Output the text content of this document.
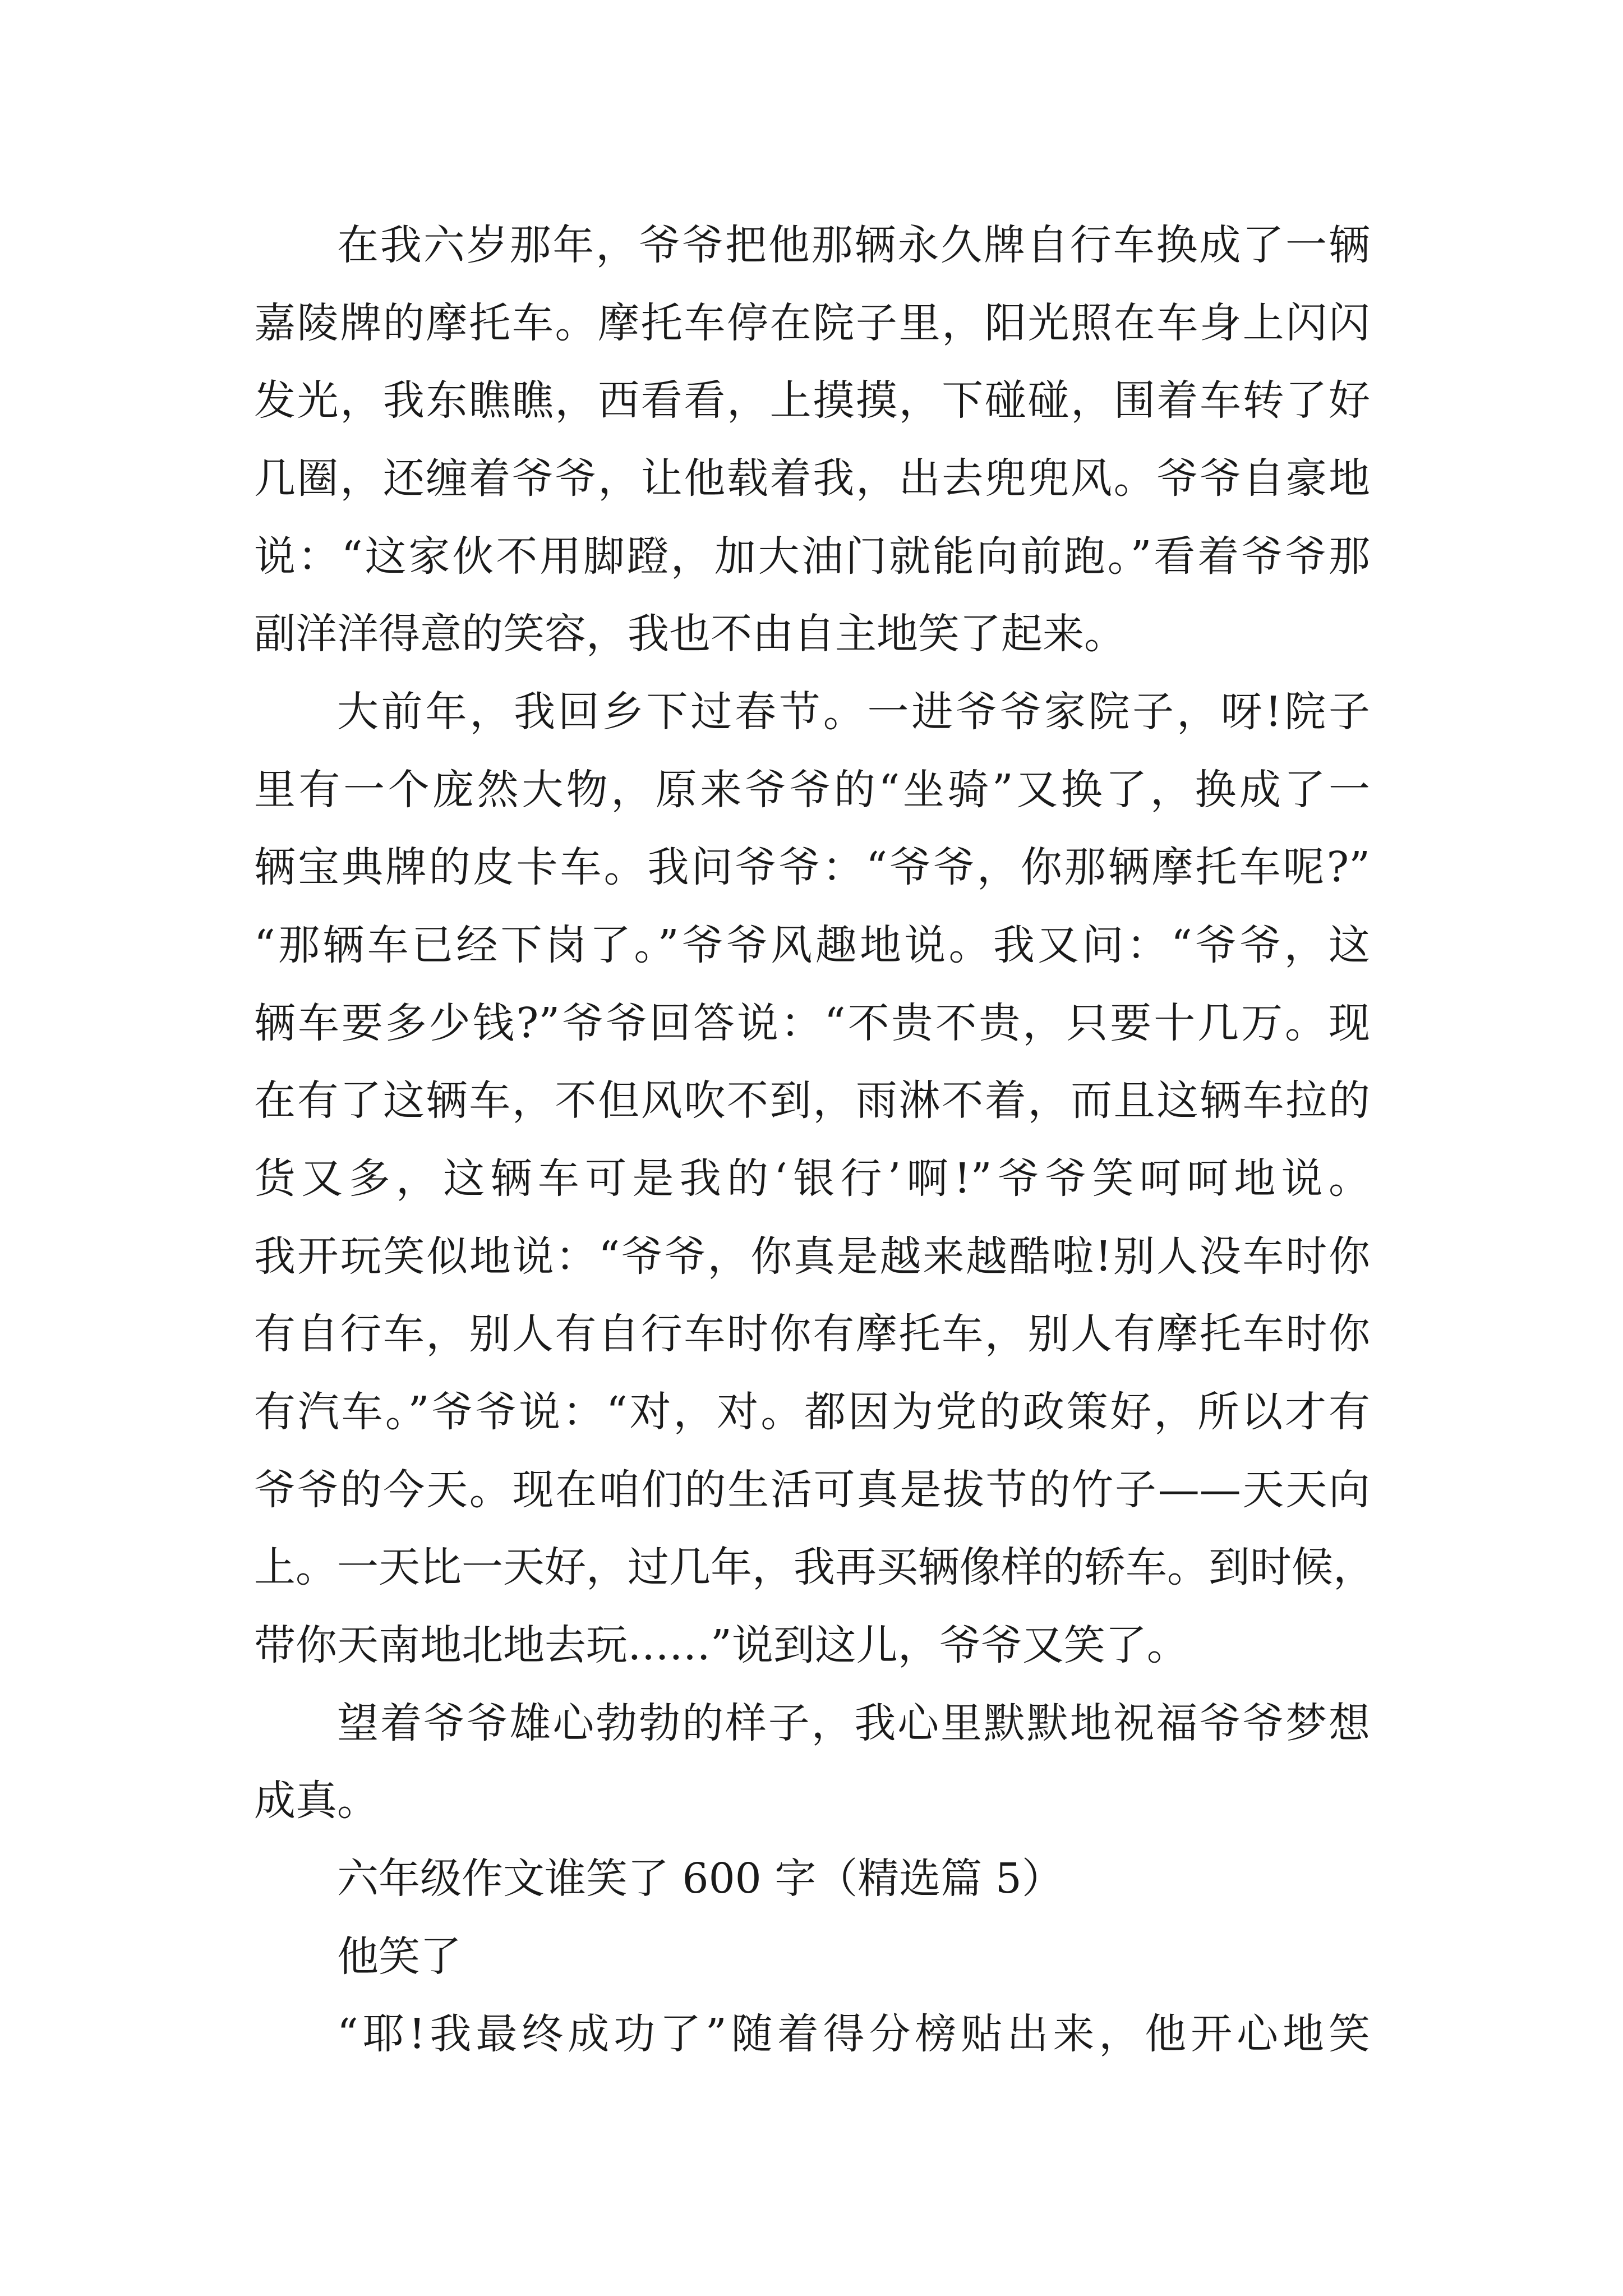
在我六岁那年，爷爷把他那辆永久牌自行车换成了一辆
嘉陵牌的摩托车。摩托车停在院子里，阳光照在车身上闪闪
发光，我东瞧瞧，西看看，上摸摸，下碰碰，围着车转了好
几圈，还缠着爷爷，让他载着我，出去兜兜风。爷爷自豪地
说：“这家伙不用脚蹬，加大油门就能向前跑。”看着爷爷那
副洋洋得意的笑容，我也不由自主地笑了起来。
大前年，我回乡下过春节。一进爷爷家院子，呀!院子
里有一个庞然大物，原来爷爷的“坐骑”又换了，换成了一
辆宝典牌的皮卡车。我问爷爷：“爷爷，你那辆摩托车呢?”
“那辆车已经下岗了。”爷爷风趣地说。我又问：“爷爷，这
辆车要多少钱?”爷爷回答说：“不贵不贵，只要十几万。现
在有了这辆车，不但风吹不到，雨淋不着，而且这辆车拉的
货又多，这辆车可是我的‘银行’啊!”爷爷笑呵呵地说。
我开玩笑似地说：“爷爷，你真是越来越酷啦!别人没车时你
有自行车，别人有自行车时你有摩托车，别人有摩托车时你
有汽车。”爷爷说：“对，对。都因为党的政策好，所以才有
爷爷的今天。现在咱们的生活可真是拔节的竹子——天天向
上。一天比一天好，过几年，我再买辆像样的轿车。到时候，
带你天南地北地去玩……”说到这儿，爷爷又笑了。
望着爷爷雄心勃勃的样子，我心里默默地祝福爷爷梦想
成真。
六年级作文谁笑了 600 字（精选篇 5）
他笑了
“耶!我最终成功了”随着得分榜贴出来，他开心地笑
